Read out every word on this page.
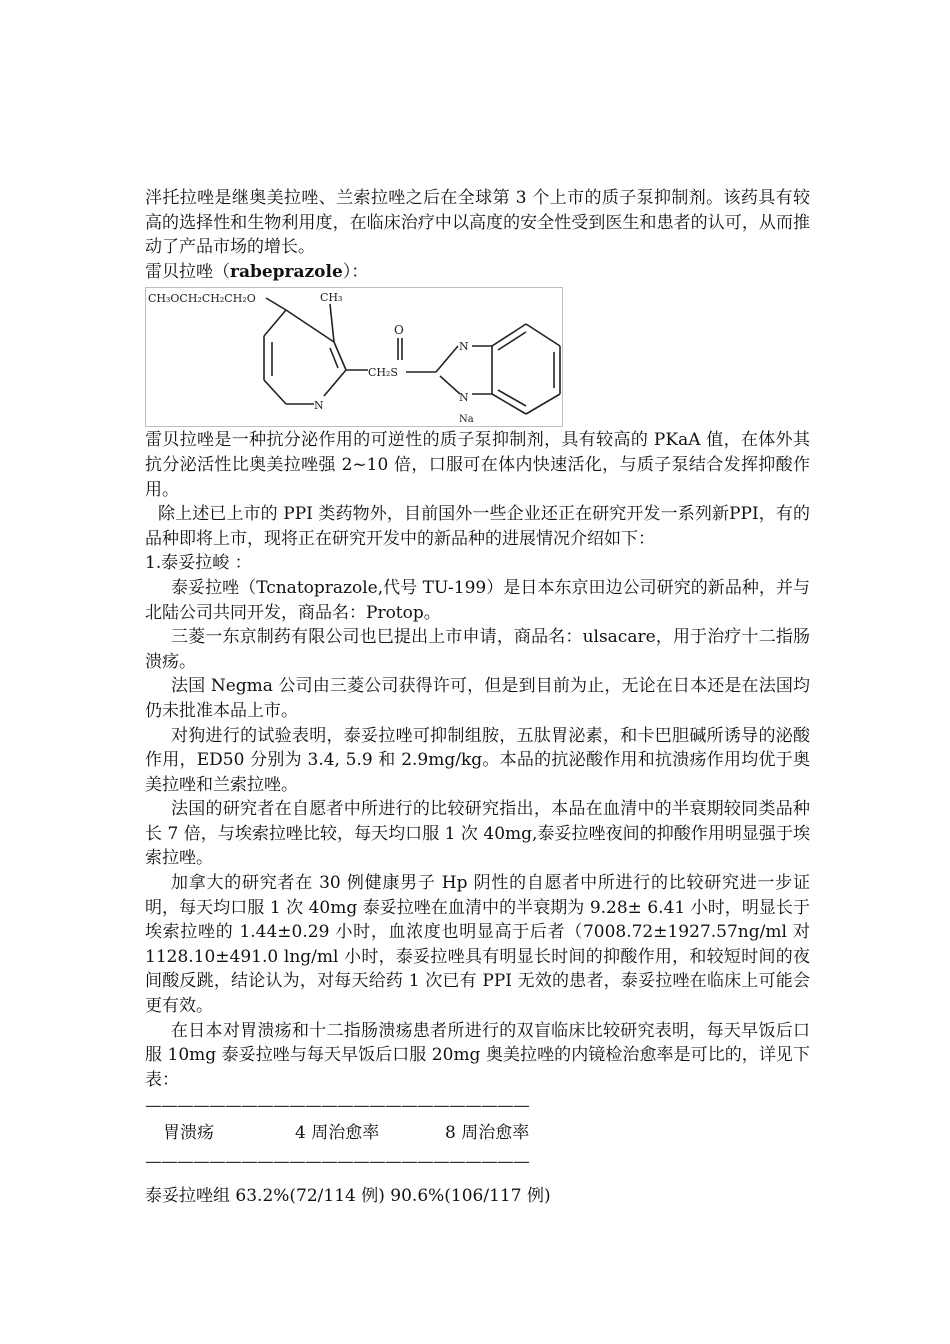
泮托拉唑是继奥美拉唑、兰索拉唑之后在全球第 3 个上市的质子泵抑制剂。该药具有较高的选择性和生物利用度，在临床治疗中以高度的安全性受到医生和患者的认可，从而推动了产品市场的增长。

雷贝拉唑（rabeprazole）：

CH₃OCH₂CH₂CH₂O	CH₃
O
CH₂S
N
N
N
Na

雷贝拉唑是一种抗分泌作用的可逆性的质子泵抑制剂，具有较高的 PKaA 值，在体外其抗分泌活性比奥美拉唑强 2~10 倍，口服可在体内快速活化，与质子泵结合发挥抑酸作用。

除上述已上市的 PPI 类药物外，目前国外一些企业还正在研究开发一系列新PPI，有的品种即将上市，现将正在研究开发中的新品种的进展情况介绍如下：

1.泰妥拉峻 ：

泰妥拉唑（Tcnatoprazole,代号 TU-199）是日本东京田边公司研究的新品种，并与北陆公司共同开发，商品名：Protop。

三菱一东京制药有限公司也巳提出上市申请，商品名：ulsacare，用于治疗十二指肠溃疡。

法国 Negma 公司由三菱公司获得许可，但是到目前为止，无论在日本还是在法国均仍未批准本品上市。

对狗进行的试验表明，泰妥拉唑可抑制组胺，五肽胃泌素，和卡巴胆碱所诱导的泌酸作用，ED50 分别为 3.4, 5.9 和 2.9mg/kg。本品的抗泌酸作用和抗溃疡作用均优于奥美拉唑和兰索拉唑。

法国的研究者在自愿者中所进行的比较研究指出，本品在血清中的半衰期较同类品种长 7 倍，与埃索拉唑比较，每天均口服 1 次 40mg,泰妥拉唑夜间的抑酸作用明显强于埃索拉唑。

加拿大的研究者在 30 例健康男子 Hp 阴性的自愿者中所进行的比较研究进一步证明，每天均口服 1 次 40mg 泰妥拉唑在血清中的半衰期为 9.28± 6.41 小时，明显长于埃索拉唑的 1.44±0.29 小时，血浓度也明显高于后者（7008.72±1927.57ng/ml 对 1128.10±491.0 lng/ml 小时，泰妥拉唑具有明显长时间的抑酸作用，和较短时间的夜间酸反跳，结论认为，对每天给药 1 次已有 PPI 无效的患者，泰妥拉唑在临床上可能会更有效。

在日本对胃溃疡和十二指肠溃疡患者所进行的双盲临床比较研究表明，每天早饭后口服 10mg 泰妥拉唑与每天早饭后口服 20mg 奥美拉唑的内镜检治愈率是可比的，详见下表：

————————————————————————
胃溃疡	4 周治愈率	8 周治愈率
————————————————————————

泰妥拉唑组 63.2%(72/114 例) 90.6%(106/117 例)
